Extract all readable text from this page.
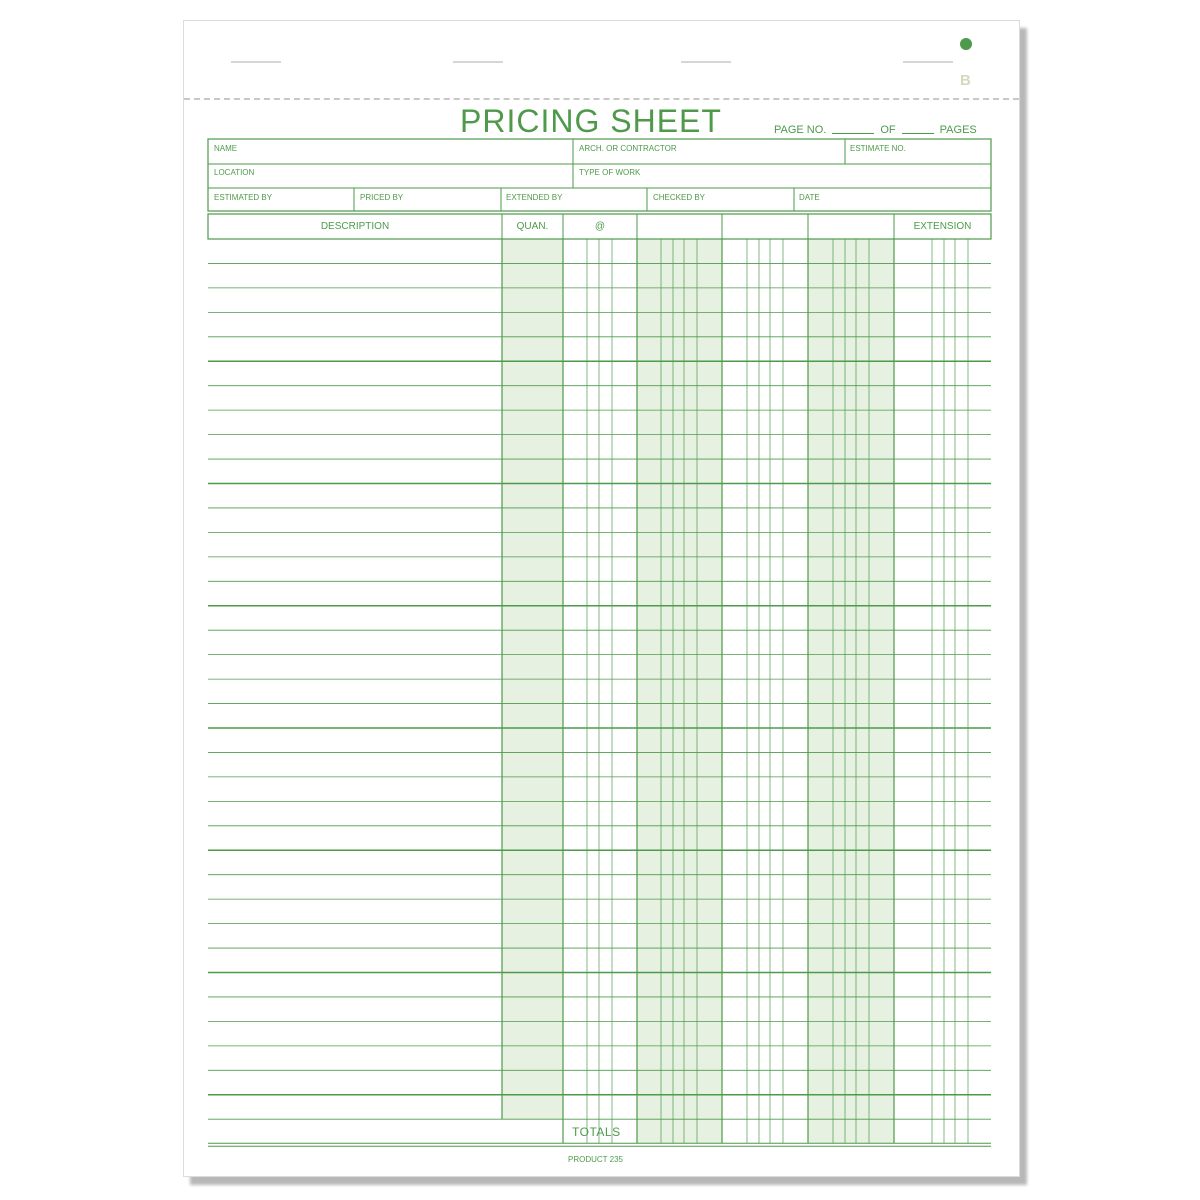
B
PRICING SHEET	PAGE NO.	OF	PAGES
NAME	ARCH. OR CONTRACTOR	ESTIMATE NO.
LOCATION	TYPE OF WORK
ESTIMATED BY	PRICED BY	EXTENDED BY	CHECKED BY	DATE
DESCRIPTION	QUAN.	@	EXTENSION
TOTALS
PRODUCT 235
